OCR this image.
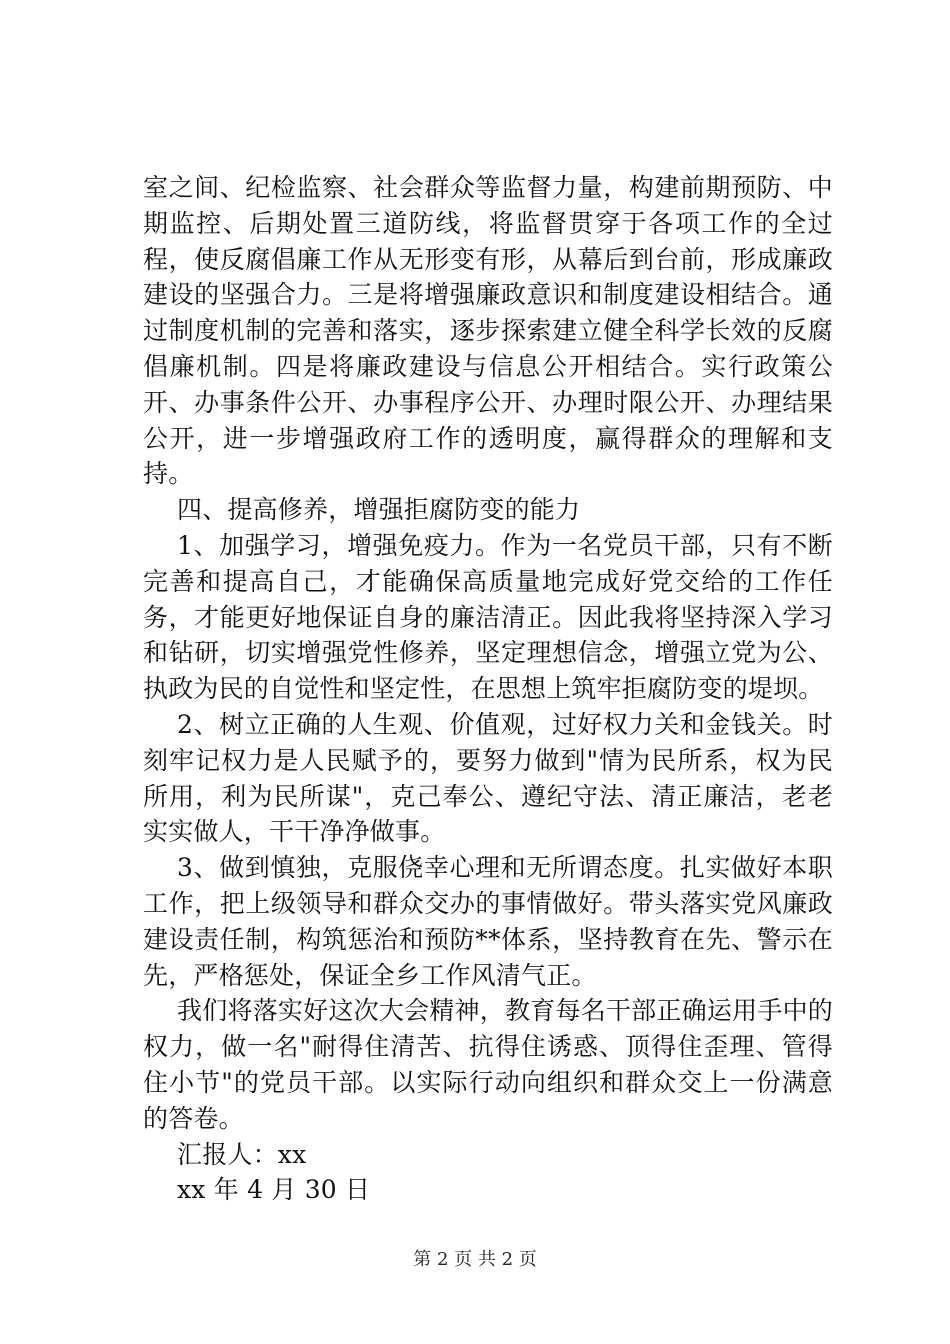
室之间、纪检监察、社会群众等监督力量，构建前期预防、中期监控、后期处置三道防线，将监督贯穿于各项工作的全过程，使反腐倡廉工作从无形变有形，从幕后到台前，形成廉政建设的坚强合力。三是将增强廉政意识和制度建设相结合。通过制度机制的完善和落实，逐步探索建立健全科学长效的反腐倡廉机制。四是将廉政建设与信息公开相结合。实行政策公开、办事条件公开、办事程序公开、办理时限公开、办理结果公开，进一步增强政府工作的透明度，赢得群众的理解和支持。

四、提高修养，增强拒腐防变的能力

1、加强学习，增强免疫力。作为一名党员干部，只有不断完善和提高自己，才能确保高质量地完成好党交给的工作任务，才能更好地保证自身的廉洁清正。因此我将坚持深入学习和钻研，切实增强党性修养，坚定理想信念，增强立党为公、执政为民的自觉性和坚定性，在思想上筑牢拒腐防变的堤坝。

2、树立正确的人生观、价值观，过好权力关和金钱关。时刻牢记权力是人民赋予的，要努力做到"情为民所系，权为民所用，利为民所谋"，克己奉公、遵纪守法、清正廉洁，老老实实做人，干干净净做事。

3、做到慎独，克服侥幸心理和无所谓态度。扎实做好本职工作，把上级领导和群众交办的事情做好。带头落实党风廉政建设责任制，构筑惩治和预防**体系，坚持教育在先、警示在先，严格惩处，保证全乡工作风清气正。

我们将落实好这次大会精神，教育每名干部正确运用手中的权力，做一名"耐得住清苦、抗得住诱惑、顶得住歪理、管得住小节"的党员干部。以实际行动向组织和群众交上一份满意的答卷。

汇报人：xx

xx 年 4 月 30 日

第 2 页 共 2 页
